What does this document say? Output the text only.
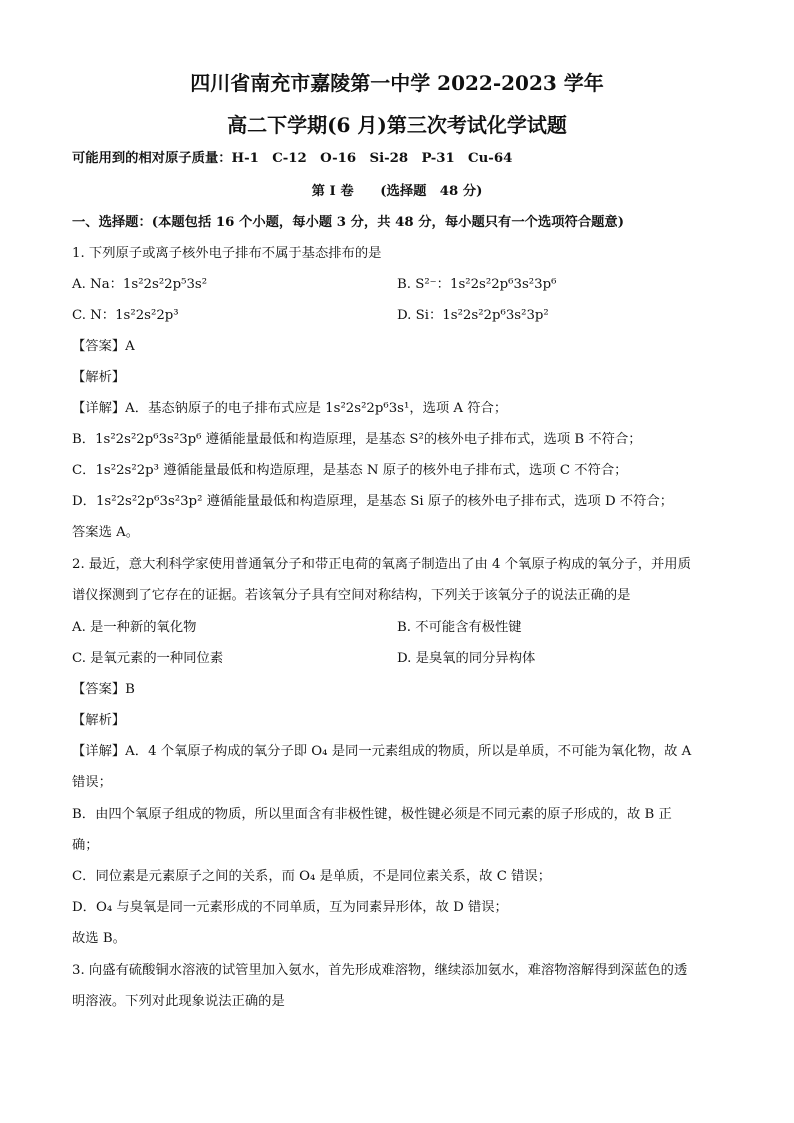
四川省南充市嘉陵第一中学 2022-2023 学年
高二下学期(6 月)第三次考试化学试题
可能用到的相对原子质量：H-1　C-12　O-16　Si-28　P-31　Cu-64
第 I 卷　　(选择题　48 分)
一、选择题：(本题包括 16 个小题，每小题 3 分，共 48 分，每小题只有一个选项符合题意)
1. 下列原子或离子核外电子排布不属于基态排布的是
A. Na：1s²2s²2p⁵3s²	B. S²⁻：1s²2s²2p⁶3s²3p⁶
C. N：1s²2s²2p³	D. Si：1s²2s²2p⁶3s²3p²
【答案】A
【解析】
【详解】A．基态钠原子的电子排布式应是 1s²2s²2p⁶3s¹，选项 A 符合；
B．1s²2s²2p⁶3s²3p⁶ 遵循能量最低和构造原理，是基态 S²的核外电子排布式，选项 B 不符合；
C．1s²2s²2p³ 遵循能量最低和构造原理，是基态 N 原子的核外电子排布式，选项 C 不符合；
D．1s²2s²2p⁶3s²3p² 遵循能量最低和构造原理，是基态 Si 原子的核外电子排布式，选项 D 不符合；
答案选 A。
2. 最近，意大利科学家使用普通氧分子和带正电荷的氧离子制造出了由 4 个氧原子构成的氧分子，并用质
谱仪探测到了它存在的证据。若该氧分子具有空间对称结构，下列关于该氧分子的说法正确的是
A. 是一种新的氧化物	B. 不可能含有极性键
C. 是氧元素的一种同位素	D. 是臭氧的同分异构体
【答案】B
【解析】
【详解】A．4 个氧原子构成的氧分子即 O₄ 是同一元素组成的物质，所以是单质，不可能为氧化物，故 A
错误；
B．由四个氧原子组成的物质，所以里面含有非极性键，极性键必须是不同元素的原子形成的，故 B 正
确；
C．同位素是元素原子之间的关系，而 O₄ 是单质，不是同位素关系，故 C 错误；
D．O₄ 与臭氧是同一元素形成的不同单质，互为同素异形体，故 D 错误；
故选 B。
3. 向盛有硫酸铜水溶液的试管里加入氨水，首先形成难溶物，继续添加氨水，难溶物溶解得到深蓝色的透
明溶液。下列对此现象说法正确的是
